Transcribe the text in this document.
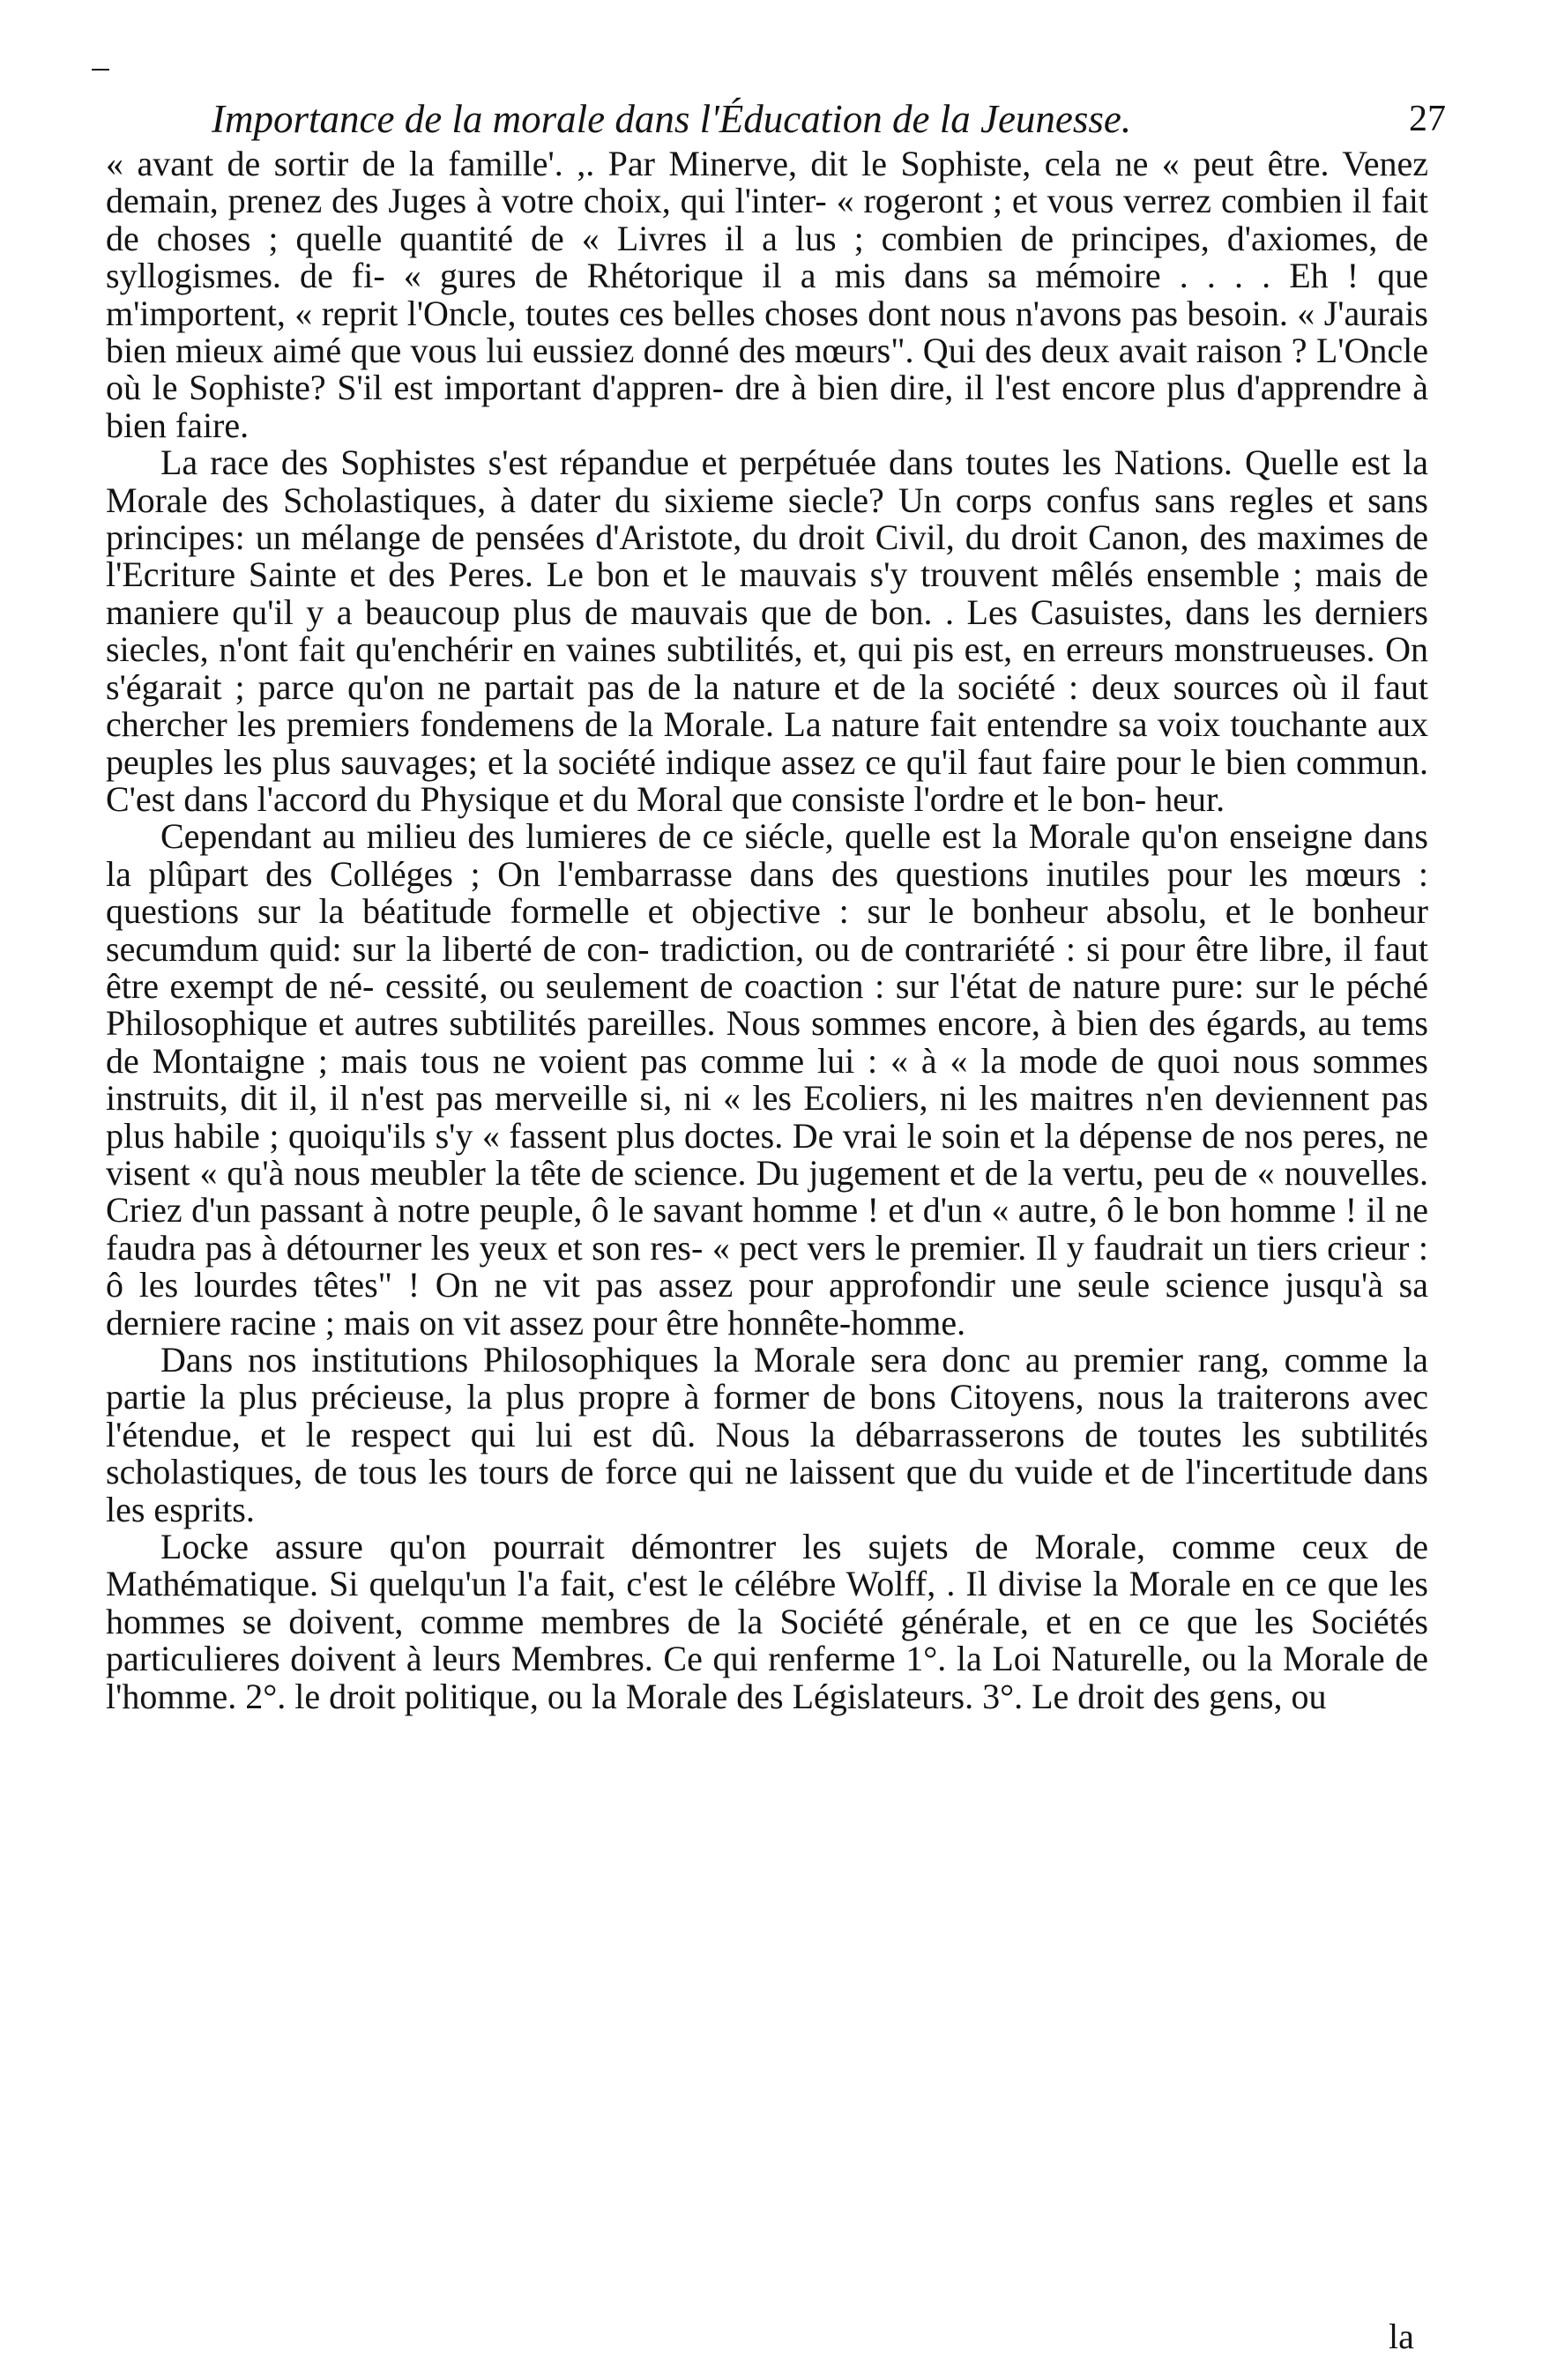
Importance de la morale dans l'Éducation de la Jeunesse.	27

« avant de sortir de la famille'. ,. Par Minerve, dit le Sophiste, cela ne « peut être. Venez demain, prenez des Juges à votre choix, qui l'inter- « rogeront ; et vous verrez combien il fait de choses ; quelle quantité de « Livres il a lus ; combien de principes, d'axiomes, de syllogismes. de fi- « gures de Rhétorique il a mis dans sa mémoire . . . . Eh ! que m'importent, « reprit l'Oncle, toutes ces belles choses dont nous n'avons pas besoin. « J'aurais bien mieux aimé que vous lui eussiez donné des mœurs". Qui des deux avait raison ? L'Oncle où le Sophiste? S'il est important d'appren- dre à bien dire, il l'est encore plus d'apprendre à bien faire.

La race des Sophistes s'est répandue et perpétuée dans toutes les Nations. Quelle est la Morale des Scholastiques, à dater du sixieme siecle? Un corps confus sans regles et sans principes: un mélange de pensées d'Aristote, du droit Civil, du droit Canon, des maximes de l'Ecriture Sainte et des Peres. Le bon et le mauvais s'y trouvent mêlés ensemble ; mais de maniere qu'il y a beaucoup plus de mauvais que de bon. . Les Casuistes, dans les derniers siecles, n'ont fait qu'enchérir en vaines subtilités, et, qui pis est, en erreurs monstrueuses. On s'égarait ; parce qu'on ne partait pas de la nature et de la société : deux sources où il faut chercher les premiers fondemens de la Morale. La nature fait entendre sa voix touchante aux peuples les plus sauvages; et la société indique assez ce qu'il faut faire pour le bien commun. C'est dans l'accord du Physique et du Moral que consiste l'ordre et le bon- heur.

Cependant au milieu des lumieres de ce siécle, quelle est la Morale qu'on enseigne dans la plûpart des Colléges ; On l'embarrasse dans des questions inutiles pour les mœurs : questions sur la béatitude formelle et objective : sur le bonheur absolu, et le bonheur secumdum quid: sur la liberté de con- tradiction, ou de contrariété : si pour être libre, il faut être exempt de né- cessité, ou seulement de coaction : sur l'état de nature pure: sur le péché Philosophique et autres subtilités pareilles. Nous sommes encore, à bien des égards, au tems de Montaigne ; mais tous ne voient pas comme lui : « à « la mode de quoi nous sommes instruits, dit il, il n'est pas merveille si, ni « les Ecoliers, ni les maitres n'en deviennent pas plus habile ; quoiqu'ils s'y « fassent plus doctes. De vrai le soin et la dépense de nos peres, ne visent « qu'à nous meubler la tête de science. Du jugement et de la vertu, peu de « nouvelles. Criez d'un passant à notre peuple, ô le savant homme ! et d'un « autre, ô le bon homme ! il ne faudra pas à détourner les yeux et son res- « pect vers le premier. Il y faudrait un tiers crieur : ô les lourdes têtes" ! On ne vit pas assez pour approfondir une seule science jusqu'à sa derniere racine ; mais on vit assez pour être honnête-homme.

Dans nos institutions Philosophiques la Morale sera donc au premier rang, comme la partie la plus précieuse, la plus propre à former de bons Citoyens, nous la traiterons avec l'étendue, et le respect qui lui est dû. Nous la débarrasserons de toutes les subtilités scholastiques, de tous les tours de force qui ne laissent que du vuide et de l'incertitude dans les esprits.

Locke assure qu'on pourrait démontrer les sujets de Morale, comme ceux de Mathématique. Si quelqu'un l'a fait, c'est le célébre Wolff, . Il divise la Morale en ce que les hommes se doivent, comme membres de la Société générale, et en ce que les Sociétés particulieres doivent à leurs Membres. Ce qui renferme 1°. la Loi Naturelle, ou la Morale de l'homme. 2°. le droit politique, ou la Morale des Législateurs. 3°. Le droit des gens, ou

la
